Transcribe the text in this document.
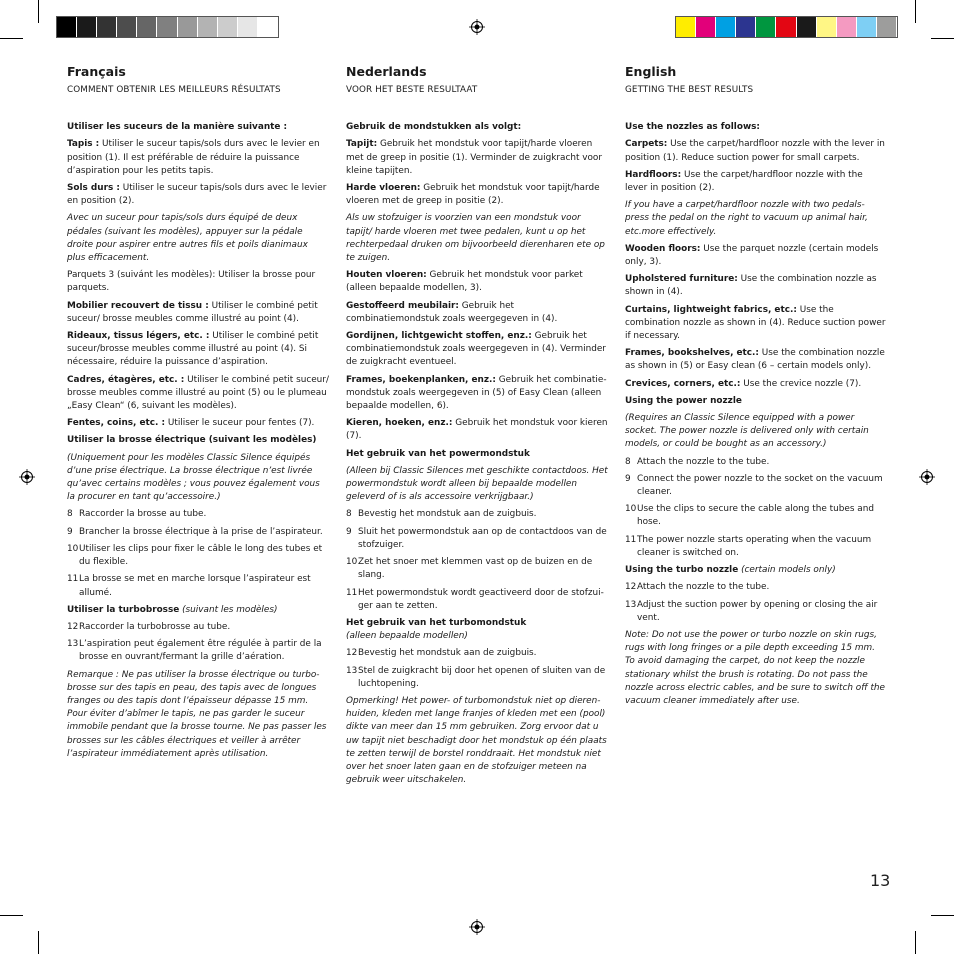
Français
COMMENT OBTENIR LES MEILLEURS RÉSULTATS
Utiliser les suceurs de la manière suivante :
Tapis : Utiliser le suceur tapis/sols durs avec le levier en position (1). Il est préférable de réduire la puissance d’aspiration pour les petits tapis.
Sols durs : Utiliser le suceur tapis/sols durs avec le levier en position (2).
Avec un suceur pour tapis/sols durs équipé de deux pédales (suivant les modèles), appuyer sur la pédale droite pour aspirer entre autres fils et poils dianimaux plus efficacement.
Parquets 3 (suivánt les modèles): Utiliser la brosse pour parquets.
Mobilier recouvert de tissu : Utiliser le combiné petit suceur/ brosse meubles comme illustré au point (4).
Rideaux, tissus légers, etc. : Utiliser le combiné petit suceur/brosse meubles comme illustré au point (4). Si nécessaire, réduire la puissance d’aspiration.
Cadres, étagères, etc. : Utiliser le combiné petit suceur/ brosse meubles comme illustré au point (5) ou le plumeau „Easy Clean“ (6, suivant les modèles).
Fentes, coins, etc. : Utiliser le suceur pour fentes (7).
Utiliser la brosse électrique (suivant les modèles)
(Uniquement pour les modèles Classic Silence équipés d’une prise électrique. La brosse électrique n’est livrée qu’avec certains modèles ; vous pouvez également vous la procurer en tant qu’accessoire.)
8 Raccorder la brosse au tube.
9 Brancher la brosse électrique à la prise de l’aspirateur.
10 Utiliser les clips pour fixer le câble le long des tubes et du flexible.
11 La brosse se met en marche lorsque l’aspirateur est allumé.
Utiliser la turbobrosse (suivant les modèles)
12 Raccorder la turbobrosse au tube.
13 L’aspiration peut également être régulée à partir de la brosse en ouvrant/fermant la grille d’aération.
Remarque : Ne pas utiliser la brosse électrique ou turbobrosse sur des tapis en peau, des tapis avec de longues franges ou des tapis dont l’épaisseur dépasse 15 mm. Pour éviter d’abîmer le tapis, ne pas garder le suceur immobile pendant que la brosse tourne. Ne pas passer les brosses sur les câbles électriques et veiller à arrêter l’aspirateur immédiatement après utilisation.
Nederlands
VOOR HET BESTE RESULTAAT
Gebruik de mondstukken als volgt:
Tapijt: Gebruik het mondstuk voor tapijt/harde vloeren met de greep in positie (1). Verminder de zuigkracht voor kleine tapijten.
Harde vloeren: Gebruik het mondstuk voor tapijt/harde vloeren met de greep in positie (2).
Als uw stofzuiger is voorzien van een mondstuk voor tapijt/ harde vloeren met twee pedalen, kunt u op het rechterpedaal druken om bijvoorbeeld dierenharen ete op te zuigen.
Houten vloeren: Gebruik het mondstuk voor parket (alleen bepaalde modellen, 3).
Gestoffeerd meubilair: Gebruik het combinatiemondstuk zoals weergegeven in (4).
Gordijnen, lichtgewicht stoffen, enz.: Gebruik het combinatiemondstuk zoals weergegeven in (4). Verminder de zuigkracht eventueel.
Frames, boekenplanken, enz.: Gebruik het combinatiemondstuk zoals weergegeven in (5) of Easy Clean (alleen bepaalde modellen, 6).
Kieren, hoeken, enz.: Gebruik het mondstuk voor kieren (7).
Het gebruik van het powermondstuk
(Alleen bij Classic Silences met geschikte contactdoos. Het powermondstuk wordt alleen bij bepaalde modellen geleverd of is als accessoire verkrijgbaar.)
8 Bevestig het mondstuk aan de zuigbuis.
9 Sluit het powermondstuk aan op de contactdoos van de stofzuiger.
10 Zet het snoer met klemmen vast op de buizen en de slang.
11 Het powermondstuk wordt geactiveerd door de stofzuiger aan te zetten.
Het gebruik van het turbomondstuk
(alleen bepaalde modellen)
12 Bevestig het mondstuk aan de zuigbuis.
13 Stel de zuigkracht bij door het openen of sluiten van de luchtopening.
Opmerking! Het power- of turbomondstuk niet op dierenhuiden, kleden met lange franjes of kleden met een (pool) dikte van meer dan 15 mm gebruiken. Zorg ervoor dat u uw tapijt niet beschadigt door het mondstuk op één plaats te zetten terwijl de borstel ronddraait. Het mondstuk niet over het snoer laten gaan en de stofzuiger meteen na gebruik weer uitschakelen.
English
GETTING THE BEST RESULTS
Use the nozzles as follows:
Carpets: Use the carpet/hardfloor nozzle with the lever in position (1). Reduce suction power for small carpets.
Hardfloors: Use the carpet/hardfloor nozzle with the lever in position (2).
If you have a carpet/hardfloor nozzle with two pedals-press the pedal on the right to vacuum up animal hair, etc.more effectively.
Wooden floors: Use the parquet nozzle (certain models only, 3).
Upholstered furniture: Use the combination nozzle as shown in (4).
Curtains, lightweight fabrics, etc.: Use the combination nozzle as shown in (4). Reduce suction power if necessary.
Frames, bookshelves, etc.: Use the combination nozzle as shown in (5) or Easy clean (6 – certain models only).
Crevices, corners, etc.: Use the crevice nozzle (7).
Using the power nozzle
(Requires an Classic Silence equipped with a power socket. The power nozzle is delivered only with certain models, or could be bought as an accessory.)
8 Attach the nozzle to the tube.
9 Connect the power nozzle to the socket on the vacuum cleaner.
10 Use the clips to secure the cable along the tubes and hose.
11 The power nozzle starts operating when the vacuum cleaner is switched on.
Using the turbo nozzle (certain models only)
12 Attach the nozzle to the tube.
13 Adjust the suction power by opening or closing the air vent.
Note: Do not use the power or turbo nozzle on skin rugs, rugs with long fringes or a pile depth exceeding 15 mm. To avoid damaging the carpet, do not keep the nozzle stationary whilst the brush is rotating. Do not pass the nozzle across electric cables, and be sure to switch off the vacuum cleaner immediately after use.
13
